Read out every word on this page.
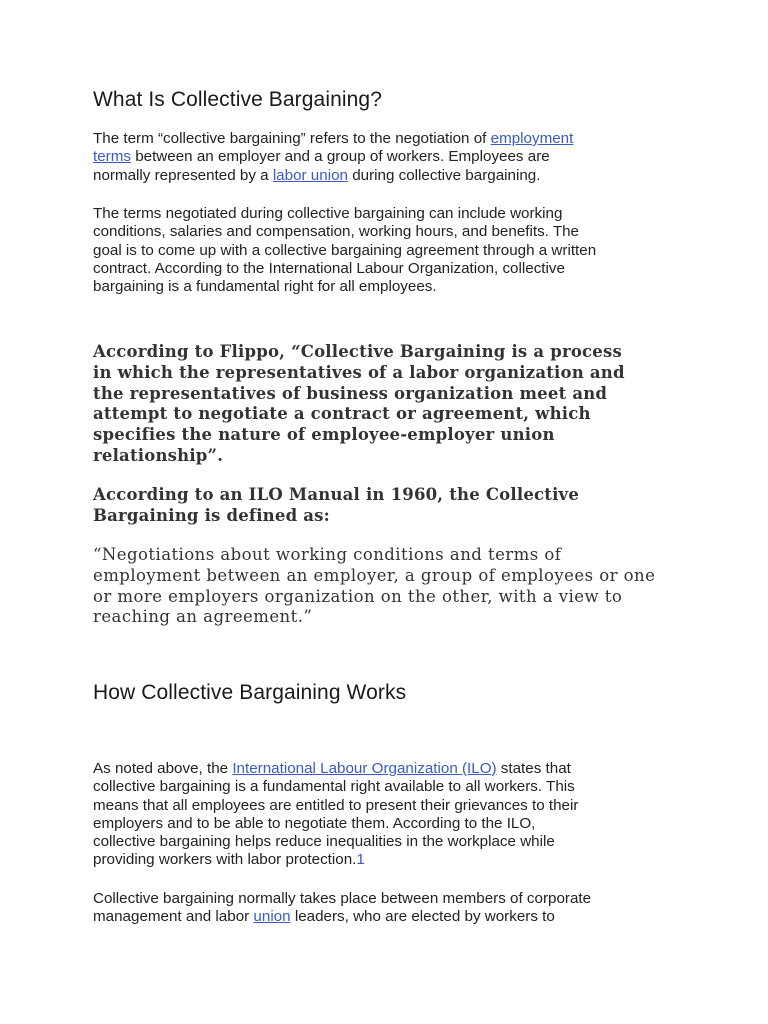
What Is Collective Bargaining?

The term “collective bargaining” refers to the negotiation of employment
terms between an employer and a group of workers. Employees are
normally represented by a labor union during collective bargaining.

The terms negotiated during collective bargaining can include working
conditions, salaries and compensation, working hours, and benefits. The
goal is to come up with a collective bargaining agreement through a written
contract. According to the International Labour Organization, collective
bargaining is a fundamental right for all employees.

According to Flippo, “Collective Bargaining is a process
in which the representatives of a labor organization and
the representatives of business organization meet and
attempt to negotiate a contract or agreement, which
specifies the nature of employee-employer union
relationship”.

According to an ILO Manual in 1960, the Collective
Bargaining is defined as:

“Negotiations about working conditions and terms of
employment between an employer, a group of employees or one
or more employers organization on the other, with a view to
reaching an agreement.”

How Collective Bargaining Works

As noted above, the International Labour Organization (ILO) states that
collective bargaining is a fundamental right available to all workers. This
means that all employees are entitled to present their grievances to their
employers and to be able to negotiate them. According to the ILO,
collective bargaining helps reduce inequalities in the workplace while
providing workers with labor protection.1

Collective bargaining normally takes place between members of corporate
management and labor union leaders, who are elected by workers to
